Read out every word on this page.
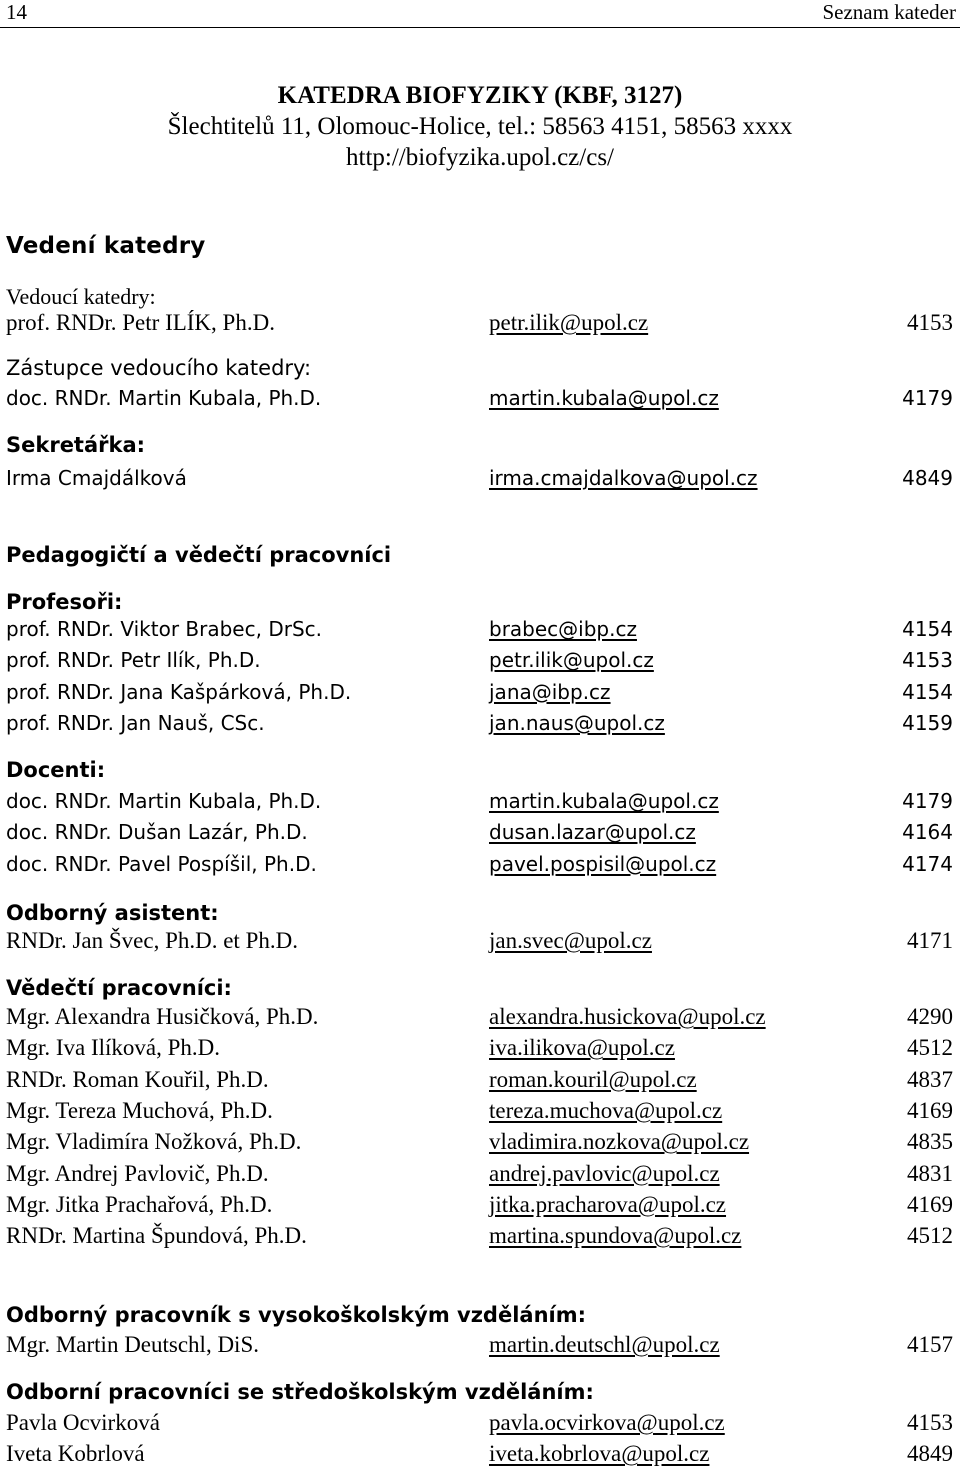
14	Seznam kateder
KATEDRA BIOFYZIKY (KBF, 3127)
Šlechtitelů 11, Olomouc-Holice, tel.: 58563 4151, 58563 xxxx
http://biofyzika.upol.cz/cs/
Vedení katedry
Vedoucí katedry:
prof. RNDr. Petr ILÍK, Ph.D.	petr.ilik@upol.cz	4153
Zástupce vedoucího katedry:
doc. RNDr. Martin Kubala, Ph.D.	martin.kubala@upol.cz	4179
Sekretářka:
Irma Cmajdálková	irma.cmajdalkova@upol.cz	4849
Pedagogičtí a vědečtí pracovníci
Profesoři:
prof. RNDr. Viktor Brabec, DrSc.	brabec@ibp.cz	4154
prof. RNDr. Petr Ilík, Ph.D.	petr.ilik@upol.cz	4153
prof. RNDr. Jana Kašpárková, Ph.D.	jana@ibp.cz	4154
prof. RNDr. Jan Nauš, CSc.	jan.naus@upol.cz	4159
Docenti:
doc. RNDr. Martin Kubala, Ph.D.	martin.kubala@upol.cz	4179
doc. RNDr. Dušan Lazár, Ph.D.	dusan.lazar@upol.cz	4164
doc. RNDr. Pavel Pospíšil, Ph.D.	pavel.pospisil@upol.cz	4174
Odborný asistent:
RNDr. Jan Švec, Ph.D. et Ph.D.	jan.svec@upol.cz	4171
Vědečtí pracovníci:
Mgr. Alexandra Husičková, Ph.D.	alexandra.husickova@upol.cz	4290
Mgr. Iva Ilíková, Ph.D.	iva.ilikova@upol.cz	4512
RNDr. Roman Kouřil, Ph.D.	roman.kouril@upol.cz	4837
Mgr. Tereza Muchová, Ph.D.	tereza.muchova@upol.cz	4169
Mgr. Vladimíra Nožková, Ph.D.	vladimira.nozkova@upol.cz	4835
Mgr. Andrej Pavlovič, Ph.D.	andrej.pavlovic@upol.cz	4831
Mgr. Jitka Prachařová, Ph.D.	jitka.pracharova@upol.cz	4169
RNDr. Martina Špundová, Ph.D.	martina.spundova@upol.cz	4512
Odborný pracovník s vysokoškolským vzděláním:
Mgr. Martin Deutschl, DiS.	martin.deutschl@upol.cz	4157
Odborní pracovníci se středoškolským vzděláním:
Pavla Ocvirková	pavla.ocvirkova@upol.cz	4153
Iveta Kobrlová	iveta.kobrlova@upol.cz	4849
